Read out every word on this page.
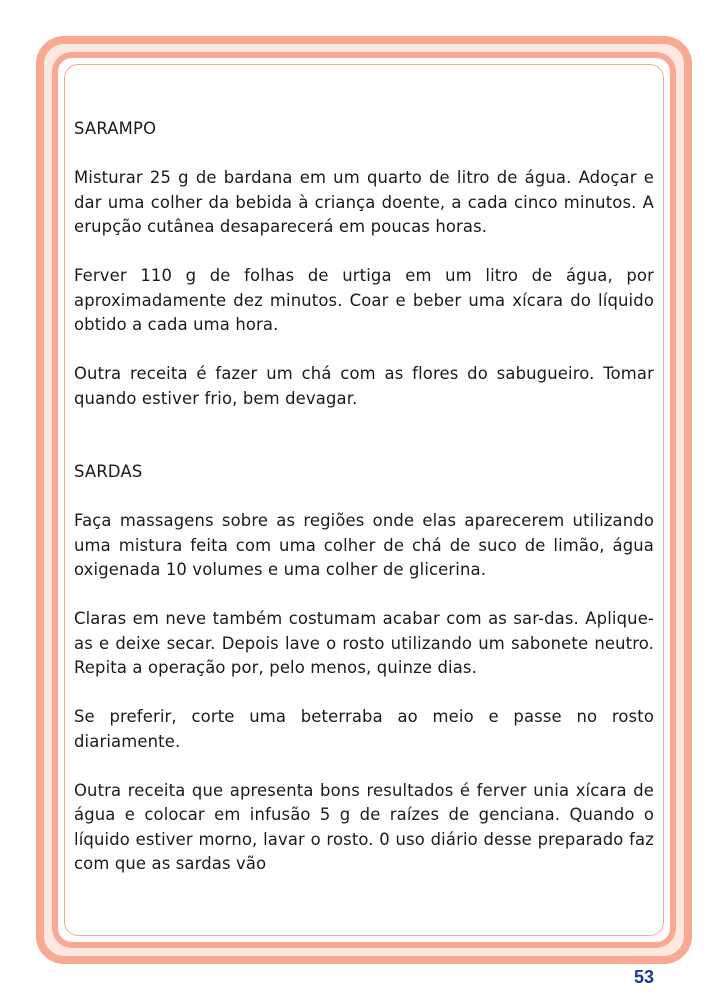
SARAMPO

Misturar 25 g de bardana em um quarto de litro de água. Adoçar e dar uma colher da bebida à criança doente, a cada cinco minutos. A erupção cutânea desaparecerá em poucas horas.

Ferver 110 g de folhas de urtiga em um litro de água, por aproximadamente dez minutos. Coar e beber uma xícara do líquido obtido a cada uma hora.

Outra receita é fazer um chá com as flores do sabugueiro. Tomar quando estiver frio, bem devagar.

SARDAS

Faça massagens sobre as regiões onde elas aparecerem utilizando uma mistura feita com uma colher de chá de suco de limão, água oxigenada 10 volumes e uma colher de glicerina.

Claras em neve também costumam acabar com as sar-das. Aplique-as e deixe secar. Depois lave o rosto utilizando um sabonete neutro. Repita a operação por, pelo menos, quinze dias.

Se preferir, corte uma beterraba ao meio e passe no rosto diariamente.

Outra receita que apresenta bons resultados é ferver unia xícara de água e colocar em infusão 5 g de raízes de genciana. Quando o líquido estiver morno, lavar o rosto. 0 uso diário desse preparado faz com que as sardas vão

53
